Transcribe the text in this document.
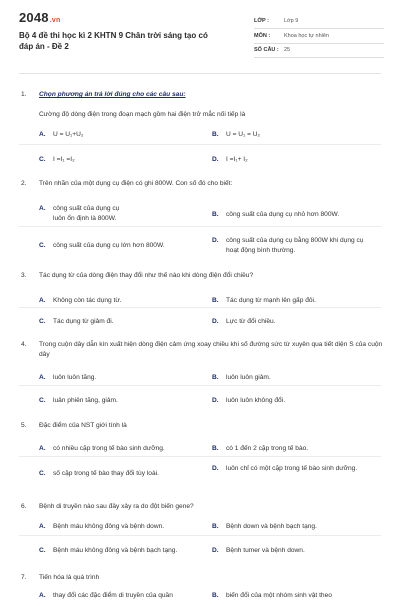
2048.vn
Bộ 4 đề thi học kì 2 KHTN 9 Chân trời sáng tạo có đáp án - Đề 2
LỚP :	Lớp 9
MÔN :	Khoa học tự nhiên
SỐ CÂU : 25
1. Chọn phương án trả lời đúng cho các câu sau:
Cường độ dòng điện trong đoạn mạch gồm hai điện trở mắc nối tiếp là
A. U = U₁+U₂	B. U = U₁ = U₂
C. I =I₁ =I₂	D. I =I₁+ I₂
2. Trên nhãn của một dụng cụ điện có ghi 800W. Con số đó cho biết:
A. công suất của dụng cụ luôn ổn định là 800W.
B. công suất của dụng cụ nhỏ hơn 800W.
C. công suất của dụng cụ lớn hơn 800W.
D. công suất của dụng cụ bằng 800W khi dụng cụ hoạt động bình thường.
3. Tác dụng từ của dòng điện thay đổi như thế nào khi dòng điện đổi chiều?
A. Không còn tác dụng từ.	B. Tác dụng từ mạnh lên gấp đôi.
C. Tác dụng từ giảm đi.	D. Lực từ đổi chiều.
4. Trong cuộn dây dẫn kín xuất hiện dòng điện cảm ứng xoay chiều khi số đường sức từ xuyên qua tiết diện S của cuộn dây
A. luôn luôn tăng.	B. luôn luôn giảm.
C. luân phiên tăng, giảm.	D. luôn luôn không đổi.
5. Đặc điểm của NST giới tính là
A. có nhiều cặp trong tế bào sinh dưỡng.	B. có 1 đến 2 cặp trong tế bào.
C. số cặp trong tế bào thay đổi tùy loài.
D. luôn chỉ có một cặp trong tế bào sinh dưỡng.
6. Bệnh di truyền nào sau đây xảy ra do đột biến gene?
A. Bệnh máu không đông và bệnh down.	B. Bệnh down và bệnh bạch tạng.
C. Bệnh máu không đông và bệnh bạch tạng.	D. Bệnh tumer và bệnh down.
7. Tiến hóa là quá trình
A. thay đổi các đặc điểm di truyền của quần	B. biến đổi của một nhóm sinh vật theo
